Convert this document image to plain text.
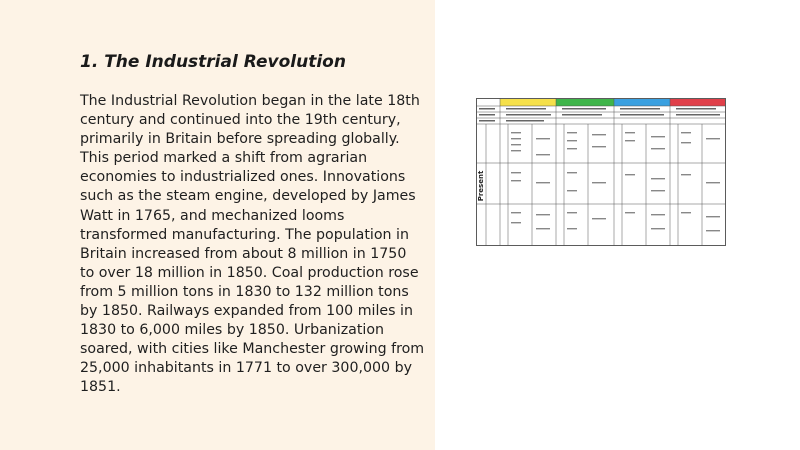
1. The Industrial Revolution

The Industrial Revolution began in the late 18th century and continued into the 19th century, primarily in Britain before spreading globally. This period marked a shift from agrarian economies to industrialized ones. Innovations such as the steam engine, developed by James Watt in 1765, and mechanized looms transformed manufacturing. The population in Britain increased from about 8 million in 1750 to over 18 million in 1850. Coal production rose from 5 million tons in 1830 to 132 million tons by 1850. Railways expanded from 100 miles in 1830 to 6,000 miles by 1850. Urbanization soared, with cities like Manchester growing from 25,000 inhabitants in 1771 to over 300,000 by 1851.

Present
